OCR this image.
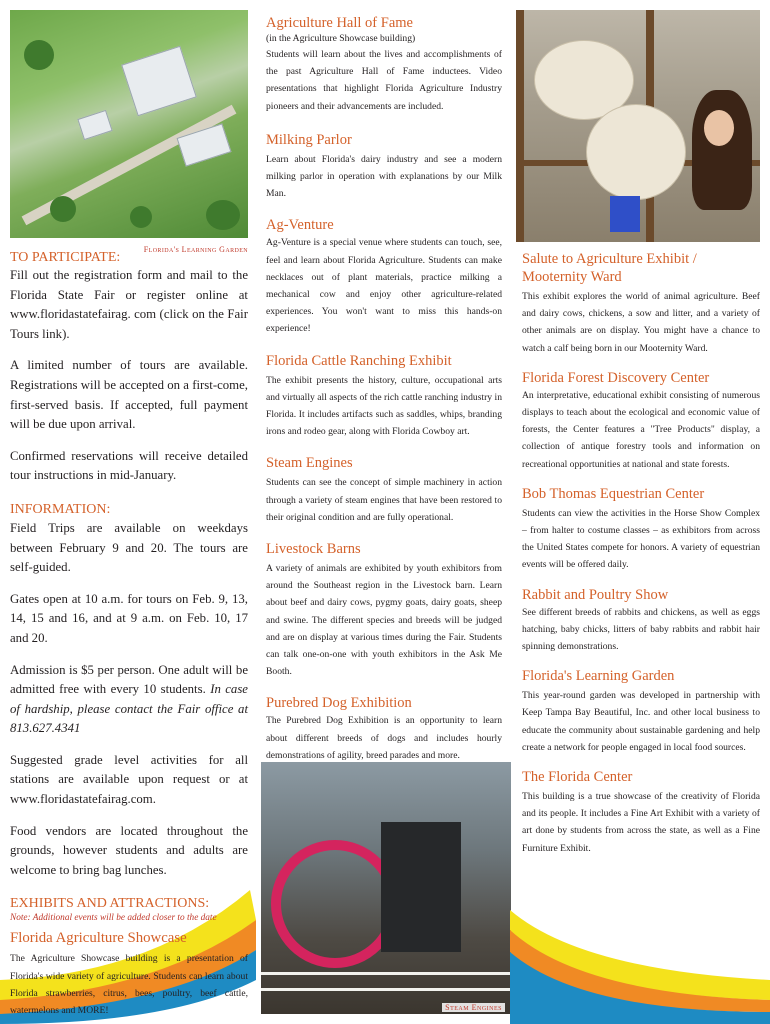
Steam Engines
TO PARTICIPATE:
Florida's Learning Garden

Fill out the registration form and mail to the Florida State Fair or register online at www.floridastatefairag. com (click on the Fair Tours link).

A limited number of tours are available. Registrations will be accepted on a first-come, first-served basis. If accepted, full payment will be due upon arrival.

Confirmed reservations will receive detailed tour instructions in mid-January.

INFORMATION:

Field Trips are available on weekdays between February 9 and 20. The tours are self-guided.

Gates open at 10 a.m. for tours on Feb. 9, 13, 14, 15 and 16, and at 9 a.m. on Feb. 10, 17 and 20.

Admission is $5 per person. One adult will be admitted free with every 10 students. In case of hardship, please contact the Fair office at 813.627.4341

Suggested grade level activities for all stations are available upon request or at www.floridastatefairag.com.

Food vendors are located throughout the grounds, however students and adults are welcome to bring bag lunches.

EXHIBITS AND ATTRACTIONS:
Note: Additional events will be added closer to the date
Florida Agriculture Showcase

The Agriculture Showcase building is a presentation of Florida's wide variety of agriculture. Students can learn about Florida strawberries, citrus, bees, poultry, beef cattle, watermelons and MORE!

Agriculture Hall of Fame
(in the Agriculture Showcase building)

Students will learn about the lives and accomplishments of the past Agriculture Hall of Fame inductees. Video presentations that highlight Florida Agriculture Industry pioneers and their advancements are included.

Milking Parlor

Learn about Florida's dairy industry and see a modern milking parlor in operation with explanations by our Milk Man.

Ag-Venture

Ag-Venture is a special venue where students can touch, see, feel and learn about Florida Agriculture. Students can make necklaces out of plant materials, practice milking a mechanical cow and enjoy other agriculture-related experiences. You won't want to miss this hands-on experience!

Florida Cattle Ranching Exhibit

The exhibit presents the history, culture, occupational arts and virtually all aspects of the rich cattle ranching industry in Florida. It includes artifacts such as saddles, whips, branding irons and rodeo gear, along with Florida Cowboy art.

Steam Engines

Students can see the concept of simple machinery in action through a variety of steam engines that have been restored to their original condition and are fully operational.

Livestock Barns

A variety of animals are exhibited by youth exhibitors from around the Southeast region in the Livestock barn. Learn about beef and dairy cows, pygmy goats, dairy goats, sheep and swine. The different species and breeds will be judged and are on display at various times during the Fair. Students can talk one-on-one with youth exhibitors in the Ask Me Booth.

Purebred Dog Exhibition

The Purebred Dog Exhibition is an opportunity to learn about different breeds of dogs and includes hourly demonstrations of agility, breed parades and more.

Salute to Agriculture Exhibit / Mooternity Ward

This exhibit explores the world of animal agriculture. Beef and dairy cows, chickens, a sow and litter, and a variety of other animals are on display. You might have a chance to watch a calf being born in our Mooternity Ward.

Florida Forest Discovery Center

An interpretative, educational exhibit consisting of numerous displays to teach about the ecological and economic value of forests, the Center features a "Tree Products" display, a collection of antique forestry tools and information on recreational opportunities at national and state forests.

Bob Thomas Equestrian Center

Students can view the activities in the Horse Show Complex – from halter to costume classes – as exhibitors from across the United States compete for honors. A variety of equestrian events will be offered daily.

Rabbit and Poultry Show

See different breeds of rabbits and chickens, as well as eggs hatching, baby chicks, litters of baby rabbits and rabbit hair spinning demonstrations.

Florida's Learning Garden

This year-round garden was developed in partnership with Keep Tampa Bay Beautiful, Inc. and other local business to educate the community about sustainable gardening and help create a network for people engaged in local food sources.

The Florida Center

This building is a true showcase of the creativity of Florida and its people. It includes a Fine Art Exhibit with a variety of art done by students from across the state, as well as a Fine Furniture Exhibit.
